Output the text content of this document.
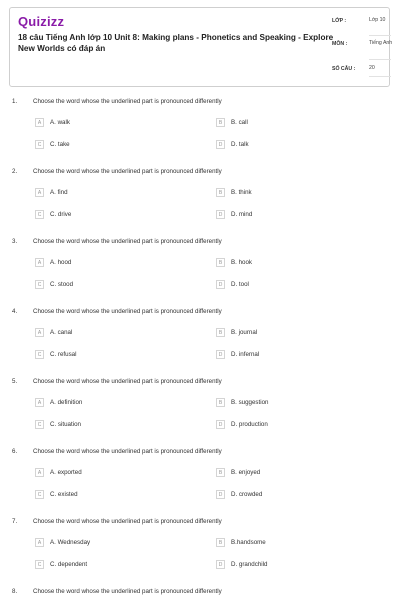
Quizizz
18 câu Tiếng Anh lớp 10 Unit 8: Making plans - Phonetics and Speaking - Explore New Worlds có đáp án
LỚP :	Lớp 10
MÔN :	Tiếng Anh
SỐ CÂU :	20
1.	Choose the word whose the underlined part is pronounced differently
A	A. walk	B	B. call
C	C. take	D	D. talk
2.	Choose the word whose the underlined part is pronounced differently
A	A. find	B	B. think
C	C. drive	D	D. mind
3.	Choose the word whose the underlined part is pronounced differently
A	A. hood	B	B. hook
C	C. stood	D	D. tool
4.	Choose the word whose the underlined part is pronounced differently
A	A. canal	B	B. journal
C	C. refusal	D	D. infernal
5.	Choose the word whose the underlined part is pronounced differently
A	A. definition	B	B. suggestion
C	C. situation	D	D. production
6.	Choose the word whose the underlined part is pronounced differently
A	A. exported	B	B. enjoyed
C	C. existed	D	D. crowded
7.	Choose the word whose the underlined part is pronounced differently
A	A. Wednesday	B	B.handsome
C	C. dependent	D	D. grandchild
8.	Choose the word whose the underlined part is pronounced differently
